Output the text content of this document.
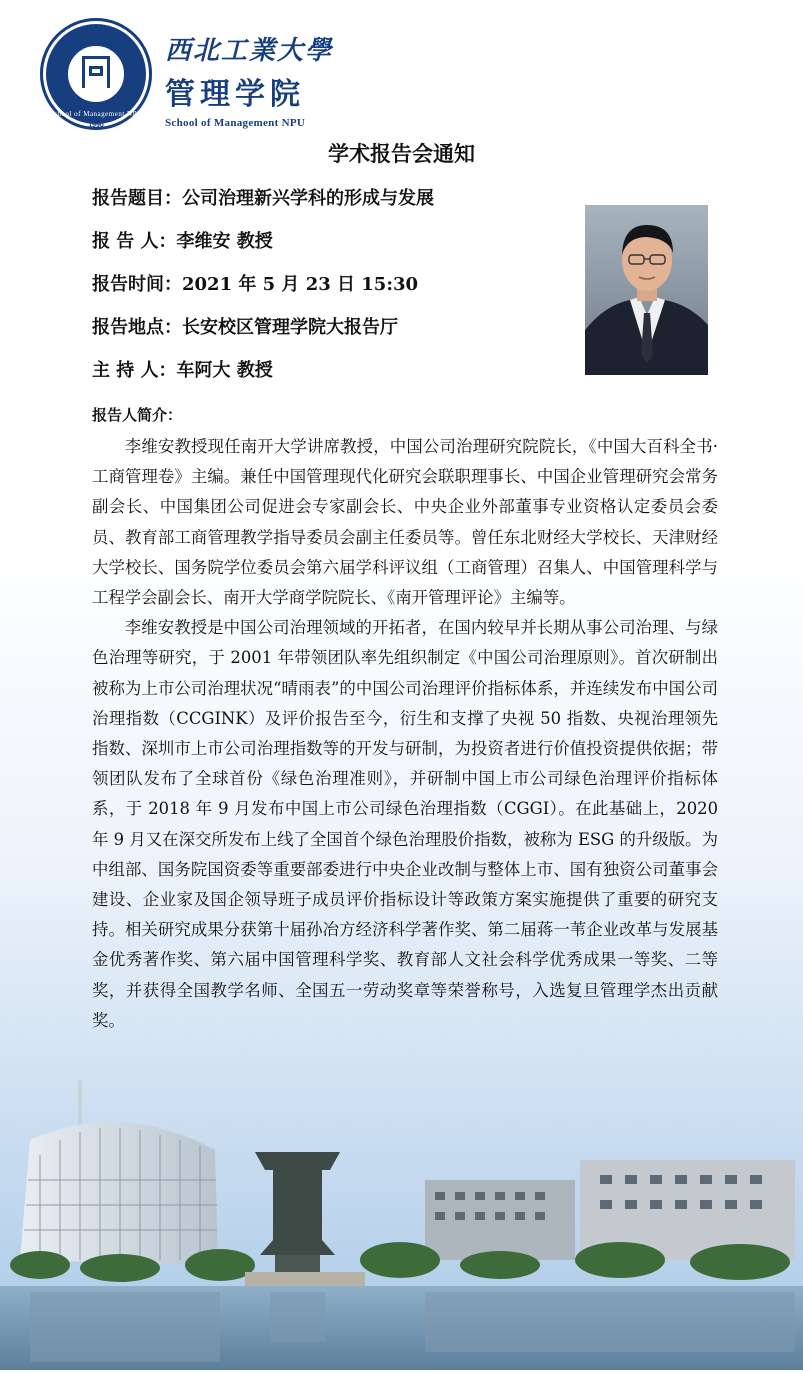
1990
School of Management NPU
西北工業大學
管理学院
School of Management NPU
学术报告会通知
报告题目：公司治理新兴学科的形成与发展
报 告 人：李维安 教授
报告时间：2021 年 5 月 23 日 15:30
报告地点：长安校区管理学院大报告厅
主 持 人：车阿大 教授
报告人简介：

李维安教授现任南开大学讲席教授，中国公司治理研究院院长，《中国大百科全书·工商管理卷》主编。兼任中国管理现代化研究会联职理事长、中国企业管理研究会常务副会长、中国集团公司促进会专家副会长、中央企业外部董事专业资格认定委员会委员、教育部工商管理教学指导委员会副主任委员等。曾任东北财经大学校长、天津财经大学校长、国务院学位委员会第六届学科评议组（工商管理）召集人、中国管理科学与工程学会副会长、南开大学商学院院长、《南开管理评论》主编等。

李维安教授是中国公司治理领域的开拓者，在国内较早并长期从事公司治理、与绿色治理等研究，于 2001 年带领团队率先组织制定《中国公司治理原则》。首次研制出被称为上市公司治理状况“晴雨表”的中国公司治理评价指标体系，并连续发布中国公司治理指数（CCGINK）及评价报告至今，衍生和支撑了央视 50 指数、央视治理领先指数、深圳市上市公司治理指数等的开发与研制，为投资者进行价值投资提供依据；带领团队发布了全球首份《绿色治理准则》，并研制中国上市公司绿色治理评价指标体系，于 2018 年 9 月发布中国上市公司绿色治理指数（CGGI）。在此基础上，2020 年 9 月又在深交所发布上线了全国首个绿色治理股价指数，被称为 ESG 的升级版。为中组部、国务院国资委等重要部委进行中央企业改制与整体上市、国有独资公司董事会建设、企业家及国企领导班子成员评价指标设计等政策方案实施提供了重要的研究支持。相关研究成果分获第十届孙冶方经济科学著作奖、第二届蒋一苇企业改革与发展基金优秀著作奖、第六届中国管理科学奖、教育部人文社会科学优秀成果一等奖、二等奖，并获得全国教学名师、全国五一劳动奖章等荣誉称号，入选复旦管理学杰出贡献奖。
